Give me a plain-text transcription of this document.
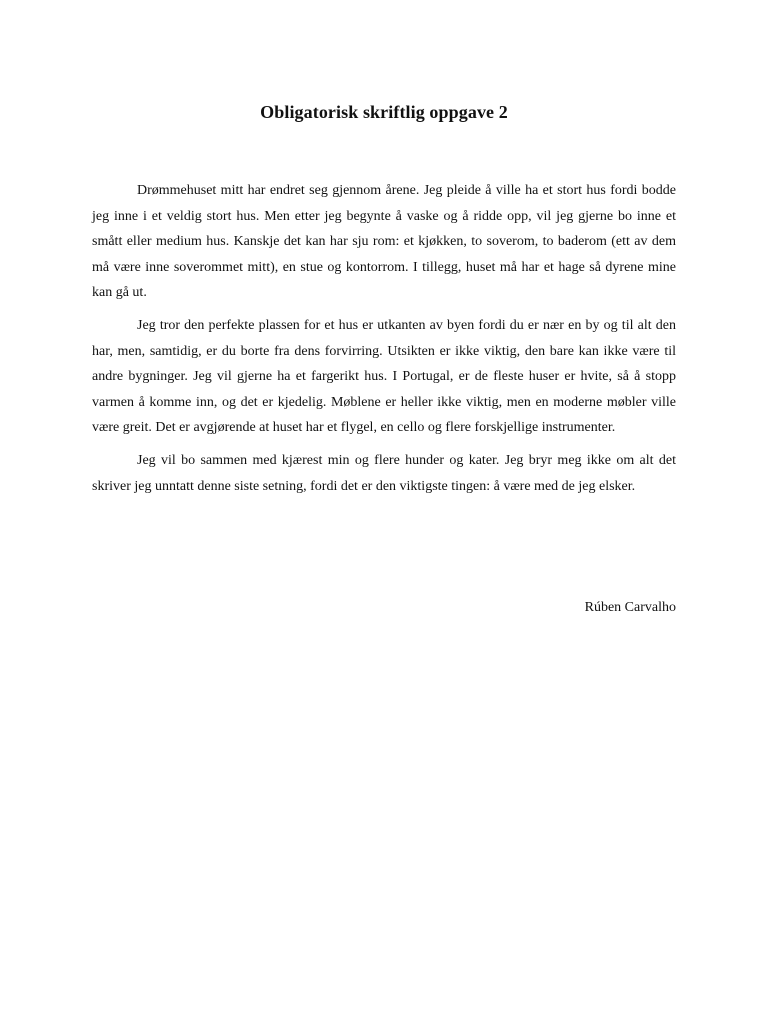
Obligatorisk skriftlig oppgave 2

Drømmehuset mitt har endret seg gjennom årene. Jeg pleide å ville ha et stort hus fordi bodde jeg inne i et veldig stort hus. Men etter jeg begynte å vaske og å ridde opp, vil jeg gjerne bo inne et smått eller medium hus. Kanskje det kan har sju rom: et kjøkken, to soverom, to baderom (ett av dem må være inne soverommet mitt), en stue og kontorrom. I tillegg, huset må har et hage så dyrene mine kan gå ut.

Jeg tror den perfekte plassen for et hus er utkanten av byen fordi du er nær en by og til alt den har, men, samtidig, er du borte fra dens forvirring. Utsikten er ikke viktig, den bare kan ikke være til andre bygninger. Jeg vil gjerne ha et fargerikt hus. I Portugal, er de fleste huser er hvite, så å stopp varmen å komme inn, og det er kjedelig. Møblene er heller ikke viktig, men en moderne møbler ville være greit. Det er avgjørende at huset har et flygel, en cello og flere forskjellige instrumenter.

Jeg vil bo sammen med kjærest min og flere hunder og kater. Jeg bryr meg ikke om alt det skriver jeg unntatt denne siste setning, fordi det er den viktigste tingen: å være med de jeg elsker.

Rúben Carvalho
